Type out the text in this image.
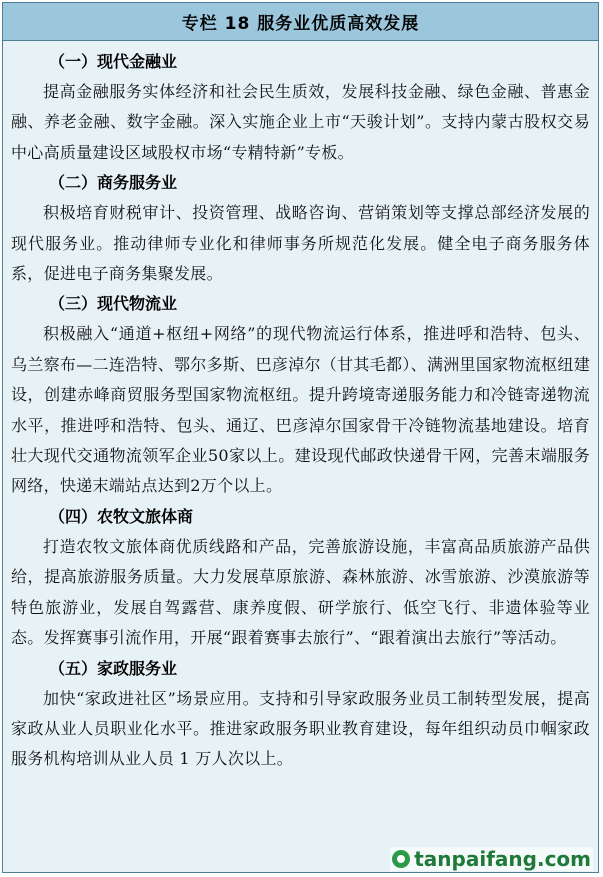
专栏 18 服务业优质高效发展
（一）现代金融业
提高金融服务实体经济和社会民生质效，发展科技金融、绿色金融、普惠金融、养老金融、数字金融。深入实施企业上市“天骏计划”。支持内蒙古股权交易中心高质量建设区域股权市场“专精特新”专板。
（二）商务服务业
积极培育财税审计、投资管理、战略咨询、营销策划等支撑总部经济发展的现代服务业。推动律师专业化和律师事务所规范化发展。健全电子商务服务体系，促进电子商务集聚发展。
（三）现代物流业
积极融入“通道+枢纽+网络”的现代物流运行体系，推进呼和浩特、包头、乌兰察布—二连浩特、鄂尔多斯、巴彦淖尔（甘其毛都）、满洲里国家物流枢纽建设，创建赤峰商贸服务型国家物流枢纽。提升跨境寄递服务能力和冷链寄递物流水平，推进呼和浩特、包头、通辽、巴彦淖尔国家骨干冷链物流基地建设。培育壮大现代交通物流领军企业50家以上。建设现代邮政快递骨干网，完善末端服务网络，快递末端站点达到2万个以上。
（四）农牧文旅体商
打造农牧文旅体商优质线路和产品，完善旅游设施，丰富高品质旅游产品供给，提高旅游服务质量。大力发展草原旅游、森林旅游、冰雪旅游、沙漠旅游等特色旅游业，发展自驾露营、康养度假、研学旅行、低空飞行、非遗体验等业态。发挥赛事引流作用，开展“跟着赛事去旅行”、“跟着演出去旅行”等活动。
（五）家政服务业
加快“家政进社区”场景应用。支持和引导家政服务业员工制转型发展，提高家政从业人员职业化水平。推进家政服务职业教育建设，每年组织动员巾帼家政服务机构培训从业人员 1 万人次以上。
tanpaifang.com
